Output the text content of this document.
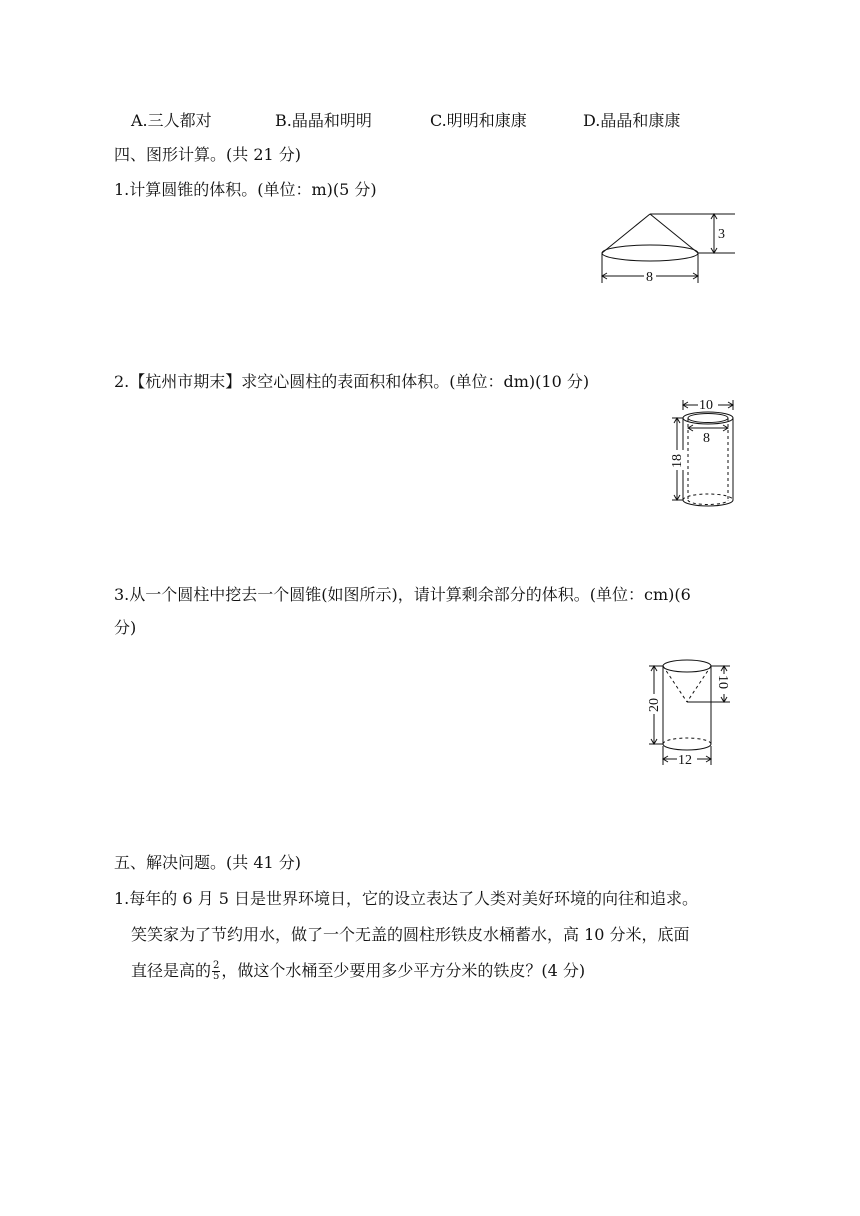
A.三人都对	B.晶晶和明明	C.明明和康康	D.晶晶和康康
四、图形计算。(共 21 分)
1.计算圆锥的体积。(单位：m)(5 分)
3
8
2.【杭州市期末】求空心圆柱的表面积和体积。(单位：dm)(10 分)
10
8
18
3.从一个圆柱中挖去一个圆锥(如图所示)，请计算剩余部分的体积。(单位：cm)(6
分)
20
10
12
五、解决问题。(共 41 分)
1.每年的 6 月 5 日是世界环境日，它的设立表达了人类对美好环境的向往和追求。
笑笑家为了节约用水，做了一个无盖的圆柱形铁皮水桶蓄水，高 10 分米，底面
直径是高的 $\frac{2}{5}$ ，做这个水桶至少要用多少平方分米的铁皮？(4 分)
